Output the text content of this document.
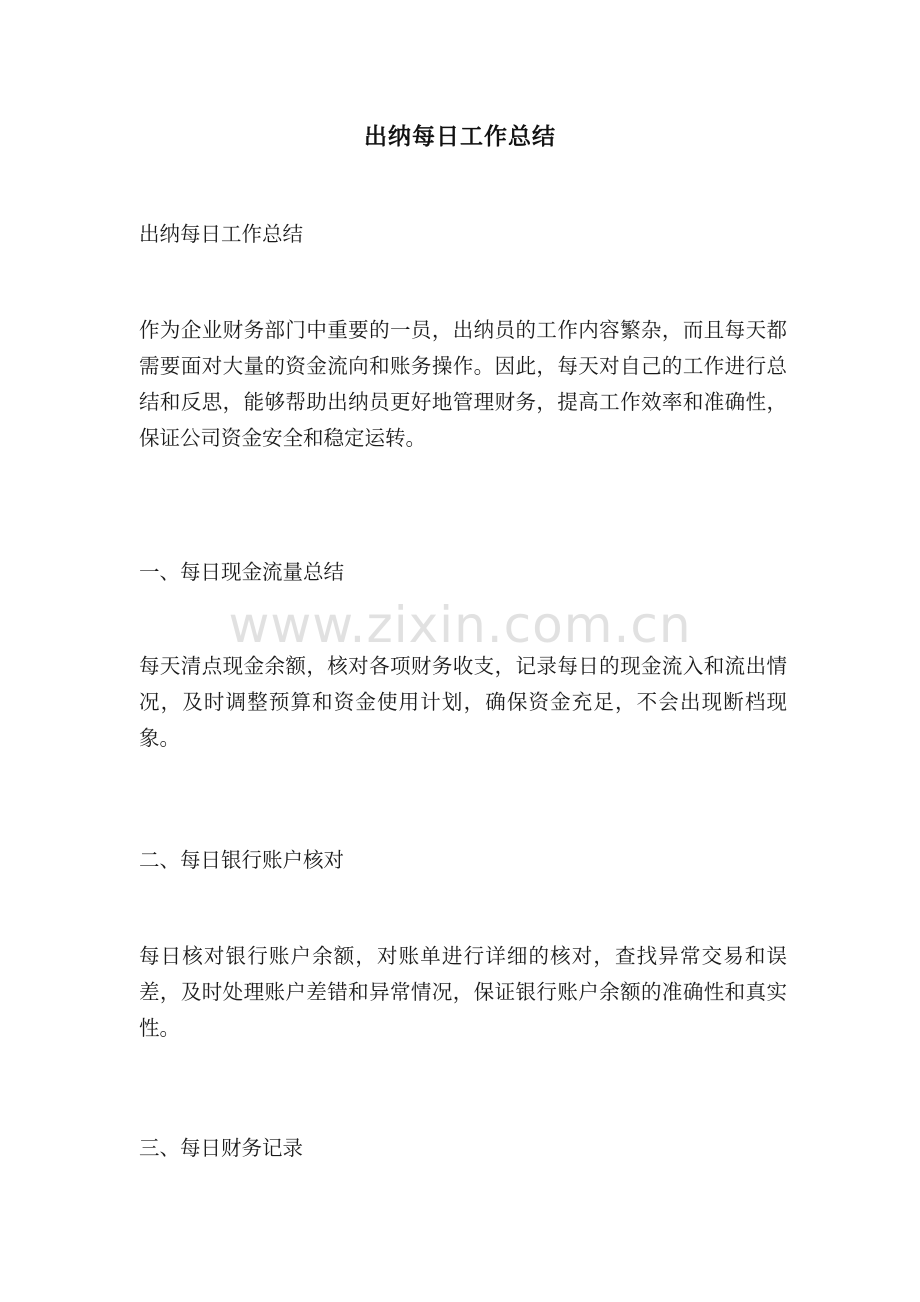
出纳每日工作总结
出纳每日工作总结
作为企业财务部门中重要的一员，出纳员的工作内容繁杂，而且每天都需要面对大量的资金流向和账务操作。因此，每天对自己的工作进行总结和反思，能够帮助出纳员更好地管理财务，提高工作效率和准确性，保证公司资金安全和稳定运转。
一、每日现金流量总结
每天清点现金余额，核对各项财务收支，记录每日的现金流入和流出情况，及时调整预算和资金使用计划，确保资金充足，不会出现断档现象。
二、每日银行账户核对
每日核对银行账户余额，对账单进行详细的核对，查找异常交易和误差，及时处理账户差错和异常情况，保证银行账户余额的准确性和真实性。
三、每日财务记录
www.zixin.com.cn
